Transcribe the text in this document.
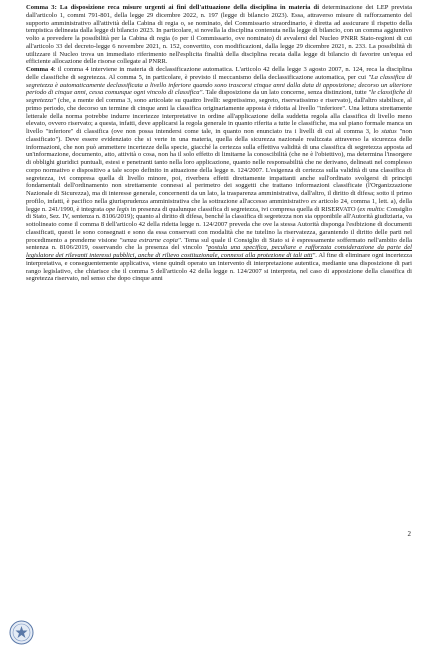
Comma 3: La disposizione reca misure urgenti ai fini dell'attuazione della disciplina in materia di determinazione dei LEP prevista dall'articolo 1, commi 791-801, della legge 29 dicembre 2022, n. 197 (legge di bilancio 2023). Essa, attraverso misure di rafforzamento del supporto amministrativo all'attività della Cabina di regia o, se nominato, del Commissario straordinario, è diretta ad assicurare il rispetto della tempistica delineata dalla legge di bilancio 2023. In particolare, si novella la disciplina contenuta nella legge di bilancio, con un comma aggiuntivo volto a prevedere la possibilità per la Cabina di regia (o per il Commissario, ove nominato) di avvalersi del Nucleo PNRR Stato-regioni di cui all'articolo 33 del decreto-legge 6 novembre 2021, n. 152, convertito, con modificazioni, dalla legge 29 dicembre 2021, n. 233. La possibilità di utilizzare il Nucleo trova un immediato riferimento nell'esplicita finalità della disciplina recata dalla legge di bilancio di favorire un'equa ed efficiente allocazione delle risorse collegate al PNRR.

Comma 4: il comma 4 interviene in materia di declassificazione automatica. L'articolo 42 della legge 3 agosto 2007, n. 124, reca la disciplina delle classifiche di segretezza. Al comma 5, in particolare, è previsto il meccanismo della declassificazione automatica, per cui "La classifica di segretezza è automaticamente declassificata a livello inferiore quando sono trascorsi cinque anni dalla data di apposizione; decorso un ulteriore periodo di cinque anni, cessa comunque ogni vincolo di classifica". Tale disposizione da un lato concerne, senza distinzioni, tutte "le classifiche di segretezza" (che, a mente del comma 3, sono articolate su quattro livelli: segretissimo, segreto, riservatissimo e riservato), dall'altro stabilisce, al primo periodo, che decorso un termine di cinque anni la classifica originariamente apposta è ridotta al livello "inferiore". Una lettura strettamente letterale della norma potrebbe indurre incertezze interpretative in ordine all'applicazione della suddetta regola alla classifica di livello meno elevato, ovvero riservato; a questa, infatti, deve applicarsi la regola generale in quanto riferita a tutte le classifiche, ma sul piano formale manca un livello "inferiore" di classifica (ove non possa intendersi come tale, in quanto non enunciato tra i livelli di cui al comma 3, lo status "non classificato"). Deve essere evidenziato che si verte in una materia, quella della sicurezza nazionale realizzata attraverso la sicurezza delle informazioni, che non può ammettere incertezze della specie, giacché la certezza sulla effettiva validità di una classifica di segretezza apposta ad un'informazione, documento, atto, attività o cosa, non ha il solo effetto di limitarne la conoscibilità (che ne è l'obiettivo), ma determina l'insorgere di obblighi giuridici puntuali, estesi e penetranti tanto nella loro applicazione, quanto nelle responsabilità che ne derivano, delineati nel complesso corpo normativo e dispositivo a tale scopo definito in attuazione della legge n. 124/2007. L'esigenza di certezza sulla validità di una classifica di segretezza, ivi compresa quella di livello minore, poi, riverbera effetti direttamente impattanti anche sull'ordinato svolgersi di principi fondamentali dell'ordinamento non strettamente connessi al perimetro dei soggetti che trattano informazioni classificate (l'Organizzazione Nazionale di Sicurezza), ma di interesse generale, concernenti da un lato, la trasparenza amministrativa, dall'altro, il diritto di difesa; sotto il primo profilo, infatti, è pacifico nella giurisprudenza amministrativa che la sottrazione all'accesso amministrativo ex articolo 24, comma 1, lett. a), della legge n. 241/1990, è integrata ope legis in presenza di qualunque classifica di segretezza, ivi compresa quella di RISERVATO (ex multis: Consiglio di Stato, Sez. IV, sentenza n. 8106/2019); quanto al diritto di difesa, benché la classifica di segretezza non sia opponibile all'Autorità giudiziaria, va sottolineato come il comma 8 dell'articolo 42 della ridetta legge n. 124/2007 preveda che ove la stessa Autorità disponga l'esibizione di documenti classificati, questi le sono consegnati e sono da essa conservati con modalità che ne tutelino la riservatezza, garantendo il diritto delle parti nel procedimento a prenderne visione "senza estrarne copia". Tema sul quale il Consiglio di Stato si è espressamente soffermato nell'ambito della sentenza n. 8106/2019, osservando che la presenza del vincolo "postula una specifica, peculiare e rafforzata considerazione da parte del legislatore dei rilevanti interessi pubblici, anche di rilievo costituzionale, connessi alla protezione di tali atti". Al fine di eliminare ogni incertezza interpretativa, e conseguentemente applicativa, viene quindi operato un intervento di interpretazione autentica, mediante una disposizione di pari rango legislativo, che chiarisce che il comma 5 dell'articolo 42 della legge n. 124/2007 si interpreta, nel caso di apposizione della classifica di segretezza riservato, nel senso che dopo cinque anni

2
